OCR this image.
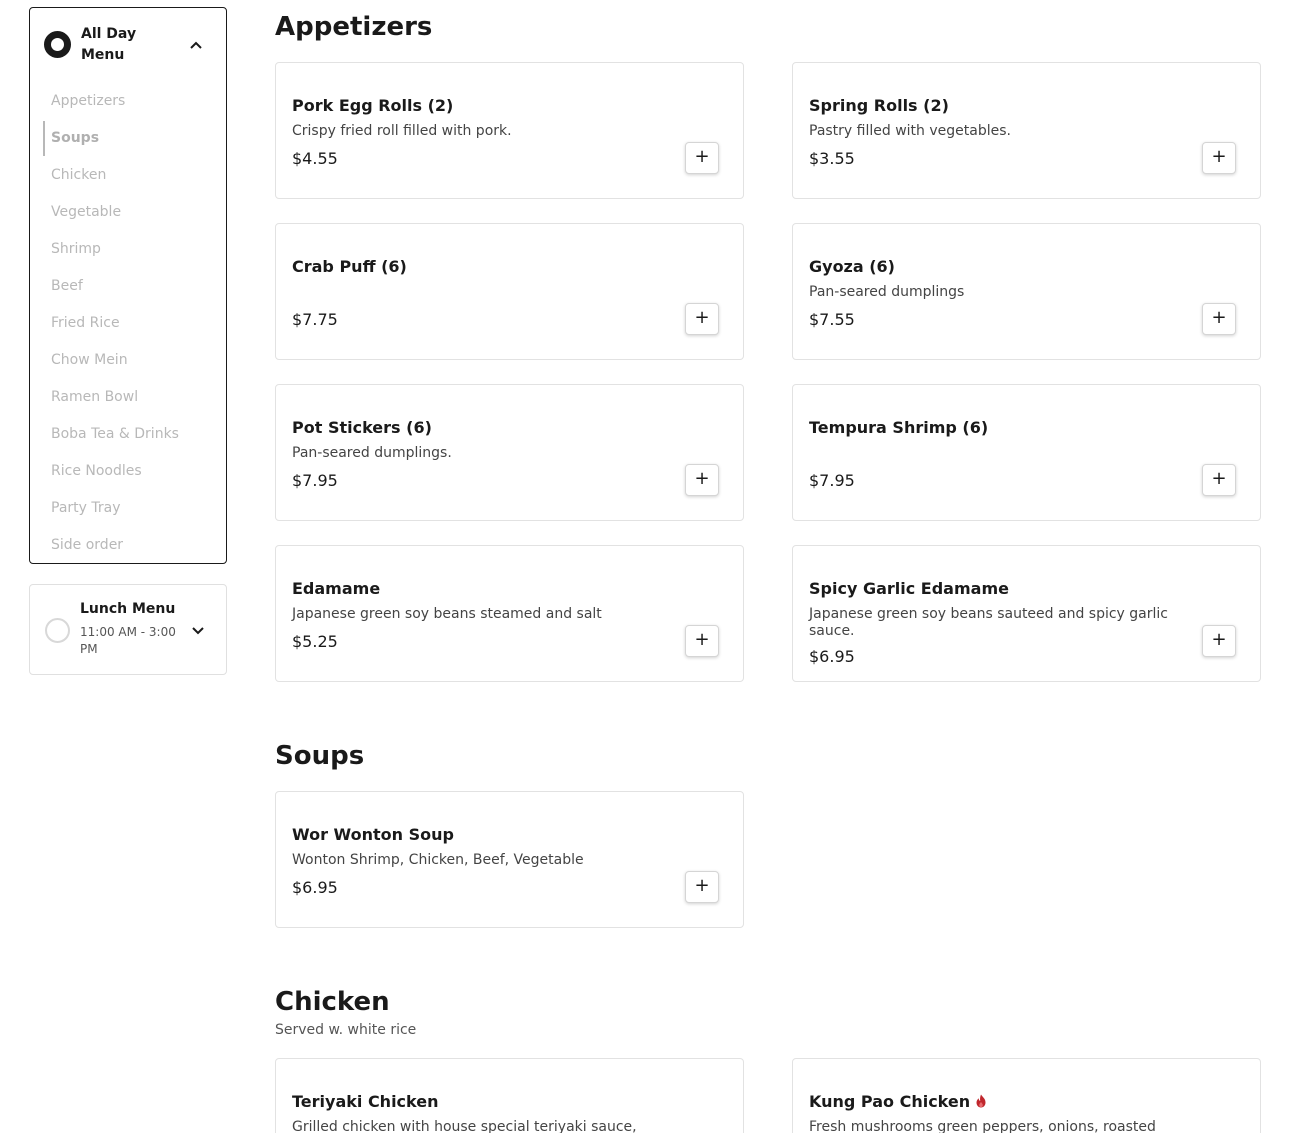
All Day Menu
Appetizers
Soups
Chicken
Vegetable
Shrimp
Beef
Fried Rice
Chow Mein
Ramen Bowl
Boba Tea & Drinks
Rice Noodles
Party Tray
Side order
Lunch Menu
11:00 AM - 3:00 PM
Appetizers
Pork Egg Rolls (2)
Crispy fried roll filled with pork.
$4.55	+
Spring Rolls (2)
Pastry filled with vegetables.
$3.55	+
Crab Puff (6)
$7.75	+
Gyoza (6)
Pan-seared dumplings
$7.55	+
Pot Stickers (6)
Pan-seared dumplings.
$7.95	+
Tempura Shrimp (6)
$7.95	+
Edamame
Japanese green soy beans steamed and salt
$5.25	+
Spicy Garlic Edamame
Japanese green soy beans sauteed and spicy garlic sauce.
$6.95
+
Soups
Wor Wonton Soup
Wonton Shrimp, Chicken, Beef, Vegetable
$6.95	+
Chicken
Served w. white rice
Teriyaki Chicken
Grilled chicken with house special teriyaki sauce,
Kung Pao Chicken
Fresh mushrooms green peppers, onions, roasted
